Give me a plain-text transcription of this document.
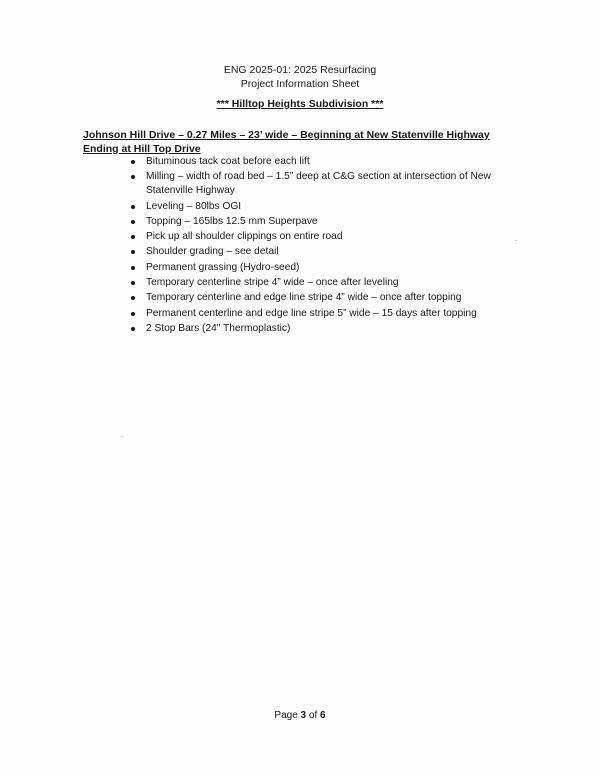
ENG 2025-01: 2025 Resurfacing
Project Information Sheet
*** Hilltop Heights Subdivision ***
Johnson Hill Drive – 0.27 Miles – 23’ wide – Beginning at New Statenville Highway Ending at Hill Top Drive
Bituminous tack coat before each lift
Milling – width of road bed – 1.5” deep at C&G section at intersection of New Statenville Highway
Leveling – 80lbs OGI
Topping – 165lbs 12.5 mm Superpave
Pick up all shoulder clippings on entire road
Shoulder grading – see detail
Permanent grassing (Hydro-seed)
Temporary centerline stripe 4” wide – once after leveling
Temporary centerline and edge line stripe 4” wide – once after topping
Permanent centerline and edge line stripe 5” wide – 15 days after topping
2 Stop Bars (24" Thermoplastic)
Page 3 of 6
